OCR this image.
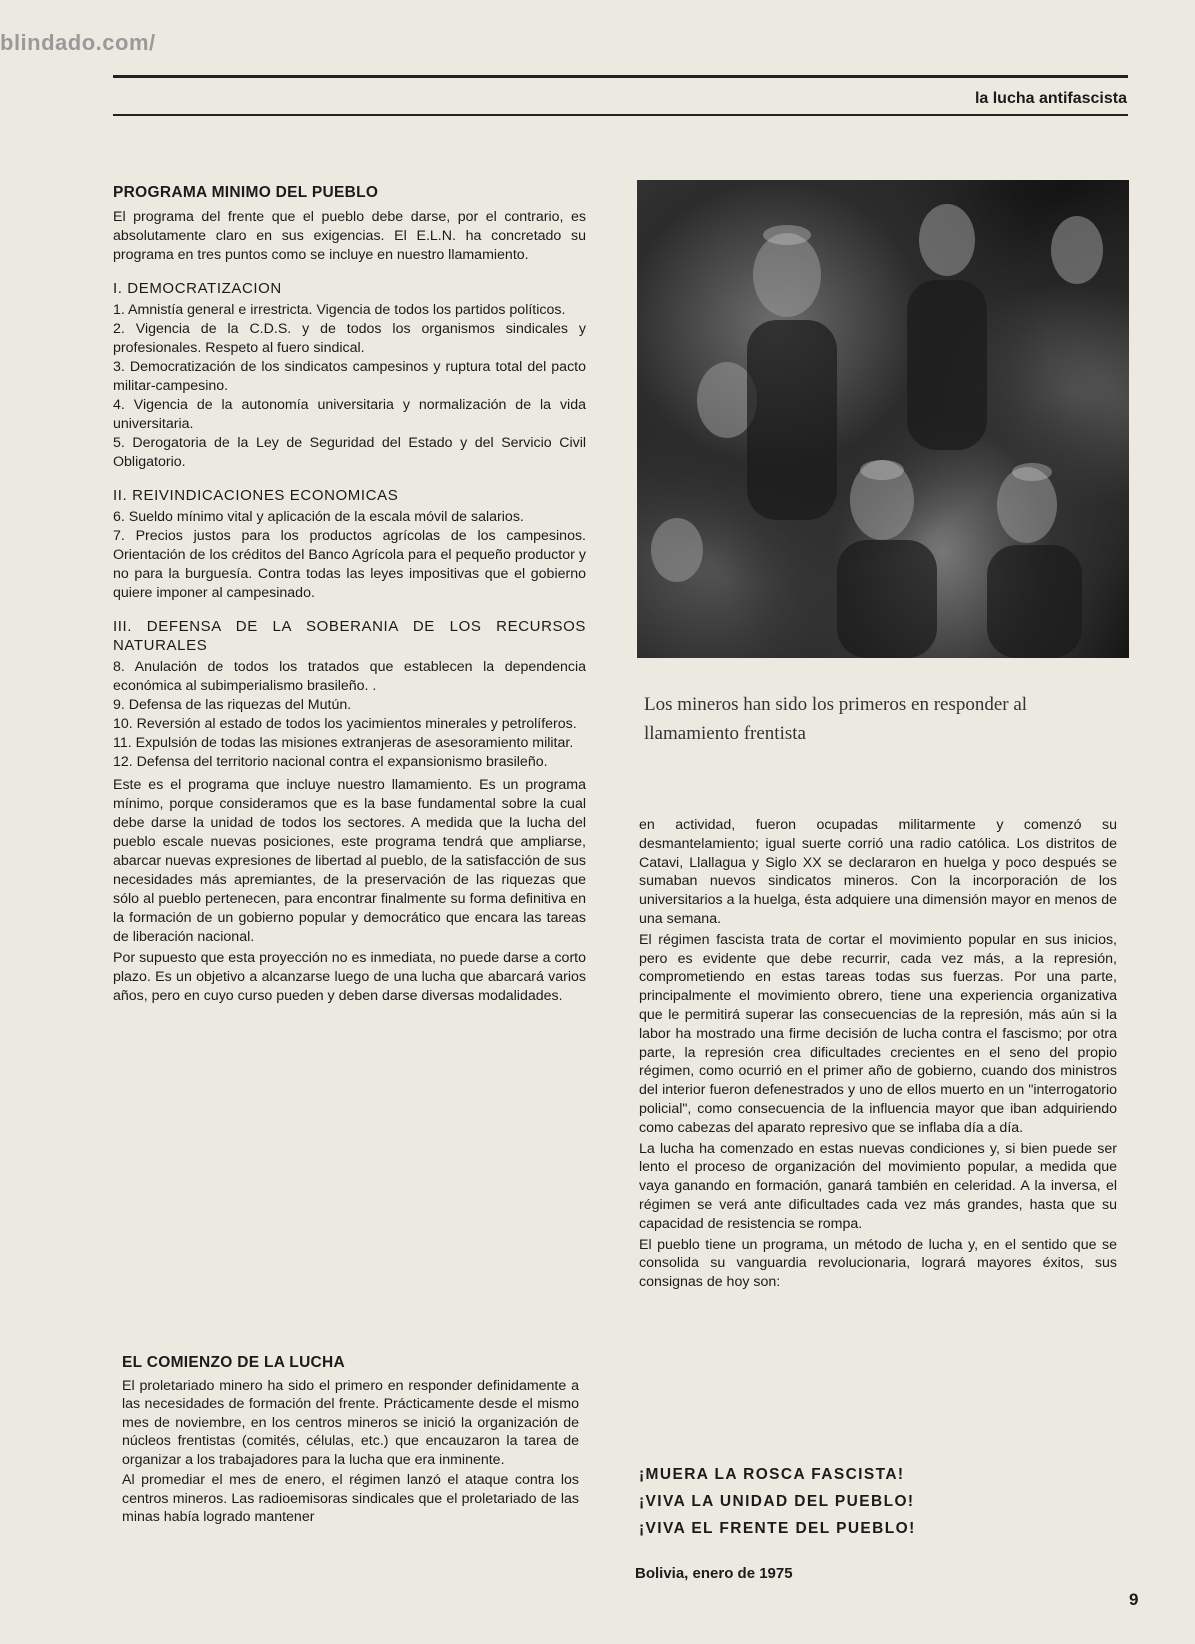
blindado.com/
la lucha antifascista
PROGRAMA MINIMO DEL PUEBLO

El programa del frente que el pueblo debe darse, por el contrario, es absolutamente claro en sus exigencias. El E.L.N. ha concretado su programa en tres puntos como se incluye en nuestro llamamiento.

I. DEMOCRATIZACION

1. Amnistía general e irrestricta. Vigencia de todos los partidos políticos.

2. Vigencia de la C.D.S. y de todos los organismos sindicales y profesionales. Respeto al fuero sindical.

3. Democratización de los sindicatos campesinos y ruptura total del pacto militar-campesino.

4. Vigencia de la autonomía universitaria y normalización de la vida universitaria.

5. Derogatoria de la Ley de Seguridad del Estado y del Servicio Civil Obligatorio.

II. REIVINDICACIONES ECONOMICAS

6. Sueldo mínimo vital y aplicación de la escala móvil de salarios.

7. Precios justos para los productos agrícolas de los campesinos. Orientación de los créditos del Banco Agrícola para el pequeño productor y no para la burguesía. Contra todas las leyes impositivas que el gobierno quiere imponer al campesinado.

III. DEFENSA DE LA SOBERANIA DE LOS RECURSOS NATURALES

8. Anulación de todos los tratados que establecen la dependencia económica al subimperialismo brasileño. .

9. Defensa de las riquezas del Mutún.

10. Reversión al estado de todos los yacimientos minerales y petrolíferos.

11. Expulsión de todas las misiones extranjeras de asesoramiento militar.

12. Defensa del territorio nacional contra el expansionismo brasileño.

Este es el programa que incluye nuestro llamamiento. Es un programa mínimo, porque consideramos que es la base fundamental sobre la cual debe darse la unidad de todos los sectores. A medida que la lucha del pueblo escale nuevas posiciones, este programa tendrá que ampliarse, abarcar nuevas expresiones de libertad al pueblo, de la satisfacción de sus necesidades más apremiantes, de la preservación de las riquezas que sólo al pueblo pertenecen, para encontrar finalmente su forma definitiva en la formación de un gobierno popular y democrático que encara las tareas de liberación nacional.

Por supuesto que esta proyección no es inmediata, no puede darse a corto plazo. Es un objetivo a alcanzarse luego de una lucha que abarcará varios años, pero en cuyo curso pueden y deben darse diversas modalidades.

EL COMIENZO DE LA LUCHA

El proletariado minero ha sido el primero en responder definidamente a las necesidades de formación del frente. Prácticamente desde el mismo mes de noviembre, en los centros mineros se inició la organización de núcleos frentistas (comités, células, etc.) que encauzaron la tarea de organizar a los trabajadores para la lucha que era inminente.

Al promediar el mes de enero, el régimen lanzó el ataque contra los centros mineros. Las radioemisoras sindicales que el proletariado de las minas había logrado mantener

Los mineros han sido los primeros en responder al llamamiento frentista

en actividad, fueron ocupadas militarmente y comenzó su desmantelamiento; igual suerte corrió una radio católica. Los distritos de Catavi, Llallagua y Siglo XX se declararon en huelga y poco después se sumaban nuevos sindicatos mineros. Con la incorporación de los universitarios a la huelga, ésta adquiere una dimensión mayor en menos de una semana.

El régimen fascista trata de cortar el movimiento popular en sus inicios, pero es evidente que debe recurrir, cada vez más, a la represión, comprometiendo en estas tareas todas sus fuerzas. Por una parte, principalmente el movimiento obrero, tiene una experiencia organizativa que le permitirá superar las consecuencias de la represión, más aún si la labor ha mostrado una firme decisión de lucha contra el fascismo; por otra parte, la represión crea dificultades crecientes en el seno del propio régimen, como ocurrió en el primer año de gobierno, cuando dos ministros del interior fueron defenestrados y uno de ellos muerto en un "interrogatorio policial", como consecuencia de la influencia mayor que iban adquiriendo como cabezas del aparato represivo que se inflaba día a día.

La lucha ha comenzado en estas nuevas condiciones y, si bien puede ser lento el proceso de organización del movimiento popular, a medida que vaya ganando en formación, ganará también en celeridad. A la inversa, el régimen se verá ante dificultades cada vez más grandes, hasta que su capacidad de resistencia se rompa.

El pueblo tiene un programa, un método de lucha y, en el sentido que se consolida su vanguardia revolucionaria, logrará mayores éxitos, sus consignas de hoy son:

¡MUERA LA ROSCA FASCISTA!
¡VIVA LA UNIDAD DEL PUEBLO!
¡VIVA EL FRENTE DEL PUEBLO!
Bolivia, enero de 1975
9
